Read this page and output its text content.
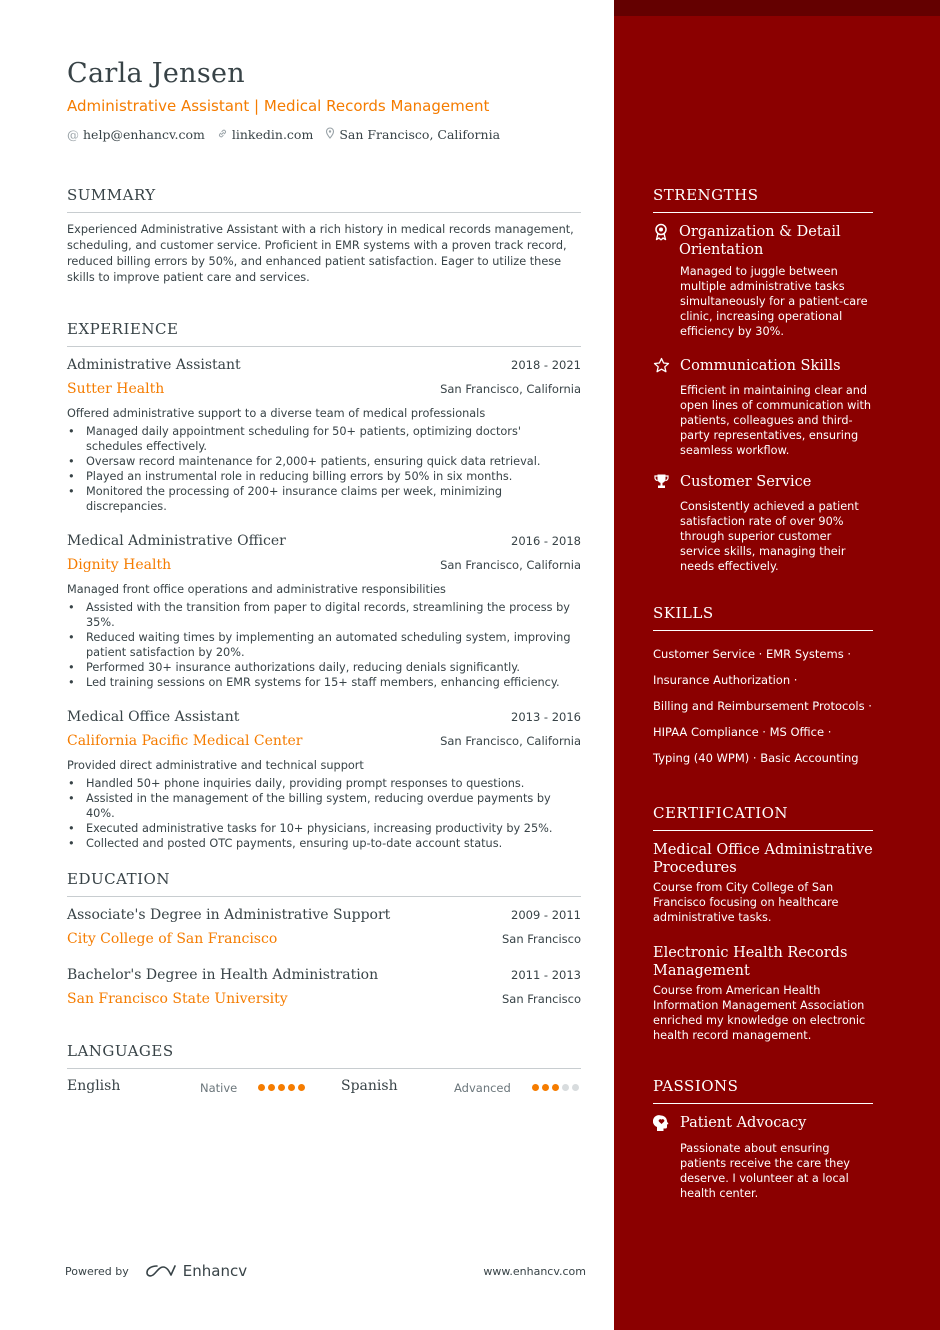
Carla Jensen
Administrative Assistant | Medical Records Management
@ help@enhancv.com linkedin.com San Francisco, California
SUMMARY
Experienced Administrative Assistant with a rich history in medical records management, scheduling, and customer service. Proficient in EMR systems with a proven track record, reduced billing errors by 50%, and enhanced patient satisfaction. Eager to utilize these skills to improve patient care and services.
EXPERIENCE
Administrative Assistant	2018 - 2021
Sutter Health	San Francisco, California
Offered administrative support to a diverse team of medical professionals
• Managed daily appointment scheduling for 50+ patients, optimizing doctors' schedules effectively.
• Oversaw record maintenance for 2,000+ patients, ensuring quick data retrieval.
• Played an instrumental role in reducing billing errors by 50% in six months.
• Monitored the processing of 200+ insurance claims per week, minimizing discrepancies.
Medical Administrative Officer	2016 - 2018
Dignity Health	San Francisco, California
Managed front office operations and administrative responsibilities
• Assisted with the transition from paper to digital records, streamlining the process by 35%.
• Reduced waiting times by implementing an automated scheduling system, improving patient satisfaction by 20%.
• Performed 30+ insurance authorizations daily, reducing denials significantly.
• Led training sessions on EMR systems for 15+ staff members, enhancing efficiency.
Medical Office Assistant	2013 - 2016
California Pacific Medical Center	San Francisco, California
Provided direct administrative and technical support
• Handled 50+ phone inquiries daily, providing prompt responses to questions.
• Assisted in the management of the billing system, reducing overdue payments by 40%.
• Executed administrative tasks for 10+ physicians, increasing productivity by 25%.
• Collected and posted OTC payments, ensuring up-to-date account status.
EDUCATION
Associate's Degree in Administrative Support	2009 - 2011
City College of San Francisco	San Francisco
Bachelor's Degree in Health Administration	2011 - 2013
San Francisco State University	San Francisco
LANGUAGES
English	Native	Spanish	Advanced
Powered by	Enhancv	www.enhancv.com
STRENGTHS
Organization & Detail Orientation
Managed to juggle between multiple administrative tasks simultaneously for a patient-care clinic, increasing operational efficiency by 30%.
Communication Skills
Efficient in maintaining clear and open lines of communication with patients, colleagues and third-party representatives, ensuring seamless workflow.
Customer Service
Consistently achieved a patient satisfaction rate of over 90% through superior customer service skills, managing their needs effectively.
SKILLS
Customer Service · EMR Systems ·
Insurance Authorization ·
Billing and Reimbursement Protocols ·
HIPAA Compliance · MS Office ·
Typing (40 WPM) · Basic Accounting
CERTIFICATION
Medical Office Administrative Procedures
Course from City College of San Francisco focusing on healthcare administrative tasks.
Electronic Health Records Management
Course from American Health Information Management Association enriched my knowledge on electronic health record management.
PASSIONS
Patient Advocacy
Passionate about ensuring patients receive the care they deserve. I volunteer at a local health center.
